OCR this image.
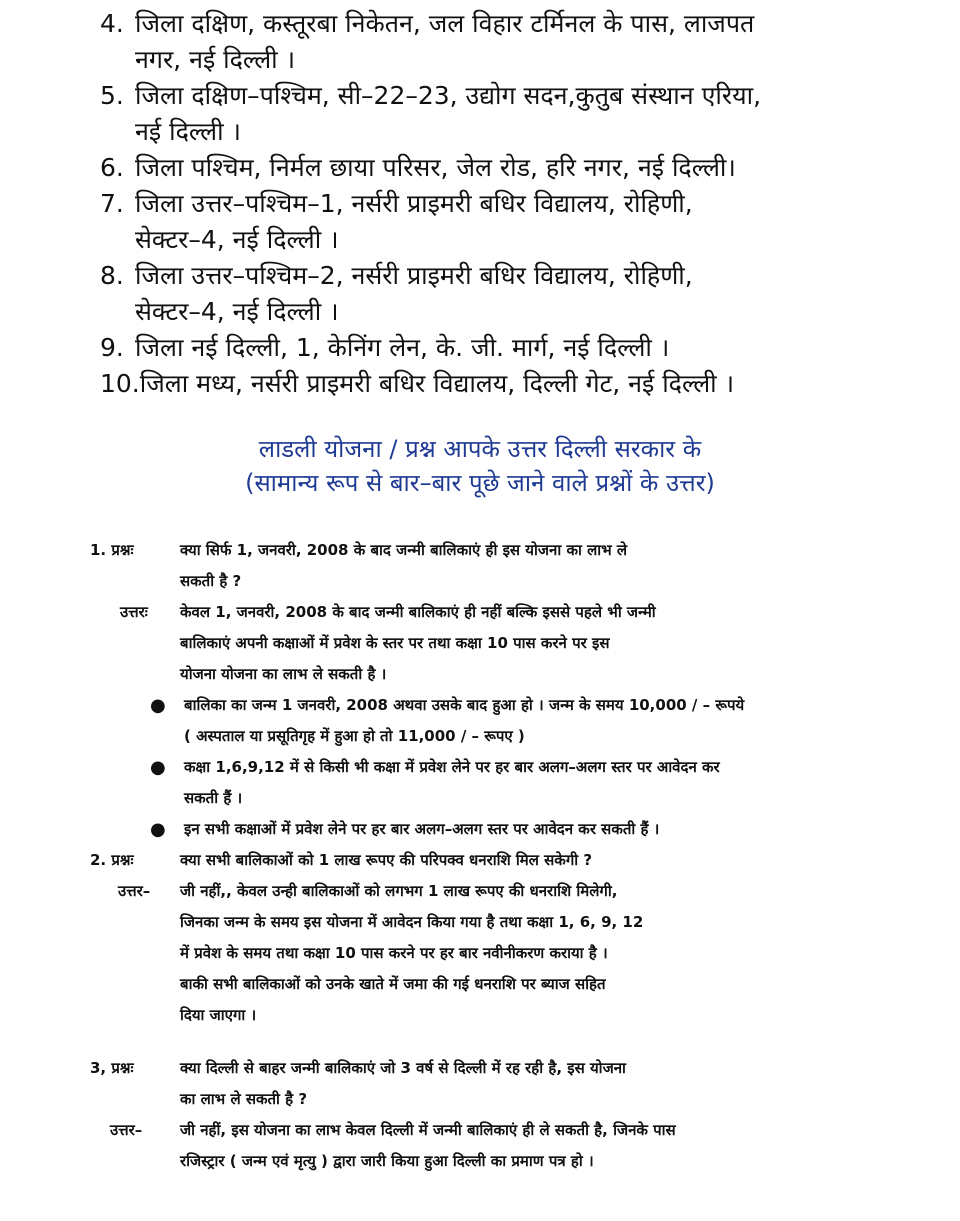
4. जिला दक्षिण, कस्तूरबा निकेतन, जल विहार टर्मिनल के पास, लाजपत
नगर, नई दिल्ली ।
5. जिला दक्षिण–पश्चिम, सी–22–23, उद्योग सदन,कुतुब संस्थान एरिया,
नई दिल्ली ।
6. जिला पश्चिम, निर्मल छाया परिसर, जेल रोड, हरि नगर, नई दिल्ली।
7. जिला उत्तर–पश्चिम–1, नर्सरी प्राइमरी बधिर विद्यालय, रोहिणी,
सेक्टर–4, नई दिल्ली ।
8. जिला उत्तर–पश्चिम–2, नर्सरी प्राइमरी बधिर विद्यालय, रोहिणी,
सेक्टर–4, नई दिल्ली ।
9. जिला नई दिल्ली, 1, केनिंग लेन, के. जी. मार्ग, नई दिल्ली ।
10. जिला मध्य, नर्सरी प्राइमरी बधिर विद्यालय, दिल्ली गेट, नई दिल्ली ।
लाडली योजना / प्रश्न आपके उत्तर दिल्ली सरकार के
(सामान्य रूप से बार–बार पूछे जाने वाले प्रश्नों के उत्तर)
1. प्रश्नः	क्या सिर्फ 1, जनवरी, 2008 के बाद जन्मी बालिकाएं ही इस योजना का लाभ ले
सकती है ?
उत्तरः	केवल 1, जनवरी, 2008 के बाद जन्मी बालिकाएं ही नहीं बल्कि इससे पहले भी जन्मी
बालिकाएं अपनी कक्षाओं में प्रवेश के स्तर पर तथा कक्षा 10 पास करने पर इस
योजना योजना का लाभ ले सकती है ।
●	बालिका का जन्म 1 जनवरी, 2008 अथवा उसके बाद हुआ हो । जन्म के समय 10,000 / – रूपये
( अस्पताल या प्रसूतिगृह में हुआ हो तो 11,000 / – रूपए )
●	कक्षा 1,6,9,12 में से किसी भी कक्षा में प्रवेश लेने पर हर बार अलग–अलग स्तर पर आवेदन कर
सकती हैं ।
●	इन सभी कक्षाओं में प्रवेश लेने पर हर बार अलग–अलग स्तर पर आवेदन कर सकती हैं ।
2. प्रश्नः	क्या सभी बालिकाओं को 1 लाख रूपए की परिपक्व धनराशि मिल सकेगी ?
उत्तर–	जी नहीं,, केवल उन्ही बालिकाओं को लगभग 1 लाख रूपए की धनराशि मिलेगी,
जिनका जन्म के समय इस योजना में आवेदन किया गया है तथा कक्षा 1, 6, 9, 12
में प्रवेश के समय तथा कक्षा 10 पास करने पर हर बार नवीनीकरण कराया है ।
बाकी सभी बालिकाओं को उनके खाते में जमा की गई धनराशि पर ब्याज सहित
दिया जाएगा ।
3, प्रश्नः	क्या दिल्ली से बाहर जन्मी बालिकाएं जो 3 वर्ष से दिल्ली में रह रही है, इस योजना
का लाभ ले सकती है ?
उत्तर–	जी नहीं, इस योजना का लाभ केवल दिल्ली में जन्मी बालिकाएं ही ले सकती है, जिनके पास
रजिस्ट्रार ( जन्म एवं मृत्यु ) द्वारा जारी किया हुआ दिल्ली का प्रमाण पत्र हो ।
